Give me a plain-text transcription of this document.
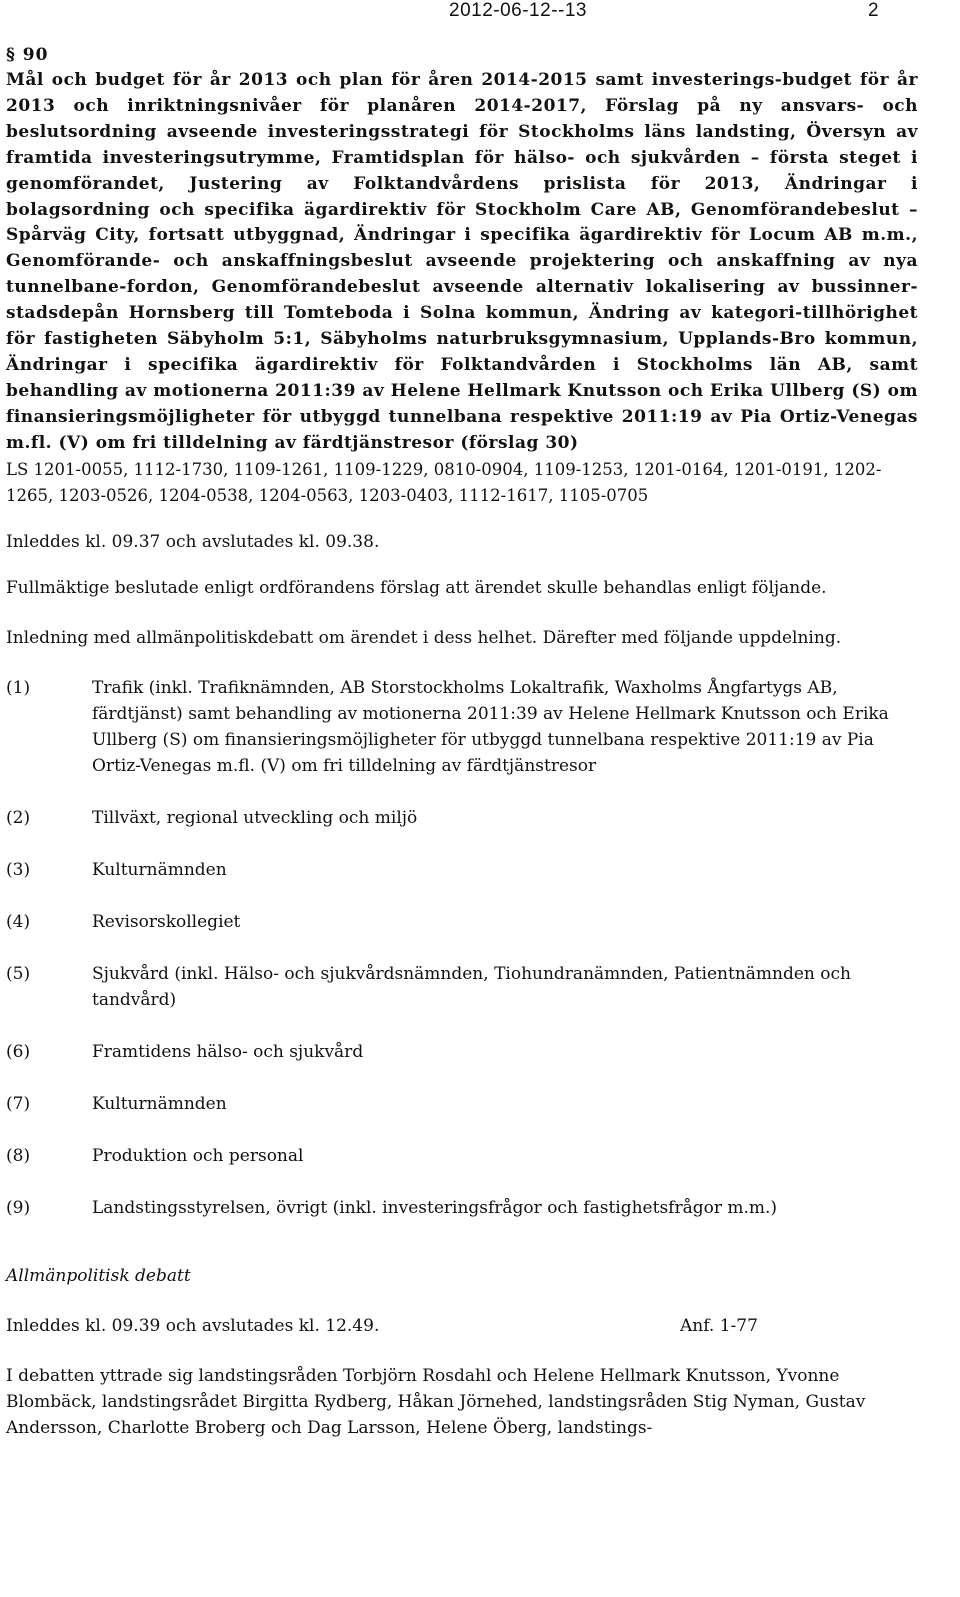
2012-06-12--13	2
§ 90

Mål och budget för år 2013 och plan för åren 2014-2015 samt investerings-budget för år 2013 och inriktningsnivåer för planåren 2014-2017, Förslag på ny ansvars- och beslutsordning avseende investeringsstrategi för Stockholms läns landsting, Översyn av framtida investeringsutrymme, Framtidsplan för hälso- och sjukvården – första steget i genomförandet, Justering av Folktandvårdens prislista för 2013, Ändringar i bolagsordning och specifika ägardirektiv för Stockholm Care AB, Genomförandebeslut – Spårväg City, fortsatt utbyggnad, Ändringar i specifika ägardirektiv för Locum AB m.m., Genomförande- och anskaffningsbeslut avseende projektering och anskaffning av nya tunnelbane-fordon, Genomförandebeslut avseende alternativ lokalisering av bussinner-stadsdepån Hornsberg till Tomteboda i Solna kommun, Ändring av kategori-tillhörighet för fastigheten Säbyholm 5:1, Säbyholms naturbruksgymnasium, Upplands-Bro kommun, Ändringar i specifika ägardirektiv för Folktandvården i Stockholms län AB, samt behandling av motionerna 2011:39 av Helene Hellmark Knutsson och Erika Ullberg (S) om finansieringsmöjligheter för utbyggd tunnelbana respektive 2011:19 av Pia Ortiz-Venegas m.fl. (V) om fri tilldelning av färdtjänstresor (förslag 30)

LS 1201-0055, 1112-1730, 1109-1261, 1109-1229, 0810-0904, 1109-1253, 1201-0164, 1201-0191, 1202-1265, 1203-0526, 1204-0538, 1204-0563, 1203-0403, 1112-1617, 1105-0705

Inleddes kl. 09.37 och avslutades kl. 09.38.

Fullmäktige beslutade enligt ordförandens förslag att ärendet skulle behandlas enligt följande.

Inledning med allmänpolitiskdebatt om ärendet i dess helhet. Därefter med följande uppdelning.

(1)	Trafik (inkl. Trafiknämnden, AB Storstockholms Lokaltrafik, Waxholms Ångfartygs AB, färdtjänst) samt behandling av motionerna 2011:39 av Helene Hellmark Knutsson och Erika Ullberg (S) om finansieringsmöjligheter för utbyggd tunnelbana respektive 2011:19 av Pia Ortiz-Venegas m.fl. (V) om fri tilldelning av färdtjänstresor
(2)	Tillväxt, regional utveckling och miljö
(3)	Kulturnämnden
(4)	Revisorskollegiet
(5)	Sjukvård (inkl. Hälso- och sjukvårdsnämnden, Tiohundranämnden, Patientnämnden och tandvård)
(6)	Framtidens hälso- och sjukvård
(7)	Kulturnämnden
(8)	Produktion och personal
(9)	Landstingsstyrelsen, övrigt (inkl. investeringsfrågor och fastighetsfrågor m.m.)
Allmänpolitisk debatt
Inleddes kl. 09.39 och avslutades kl. 12.49.	Anf. 1-77

I debatten yttrade sig landstingsråden Torbjörn Rosdahl och Helene Hellmark Knutsson, Yvonne Blombäck, landstingsrådet Birgitta Rydberg, Håkan Jörnehed, landstingsråden Stig Nyman, Gustav Andersson, Charlotte Broberg och Dag Larsson, Helene Öberg, landstings-
